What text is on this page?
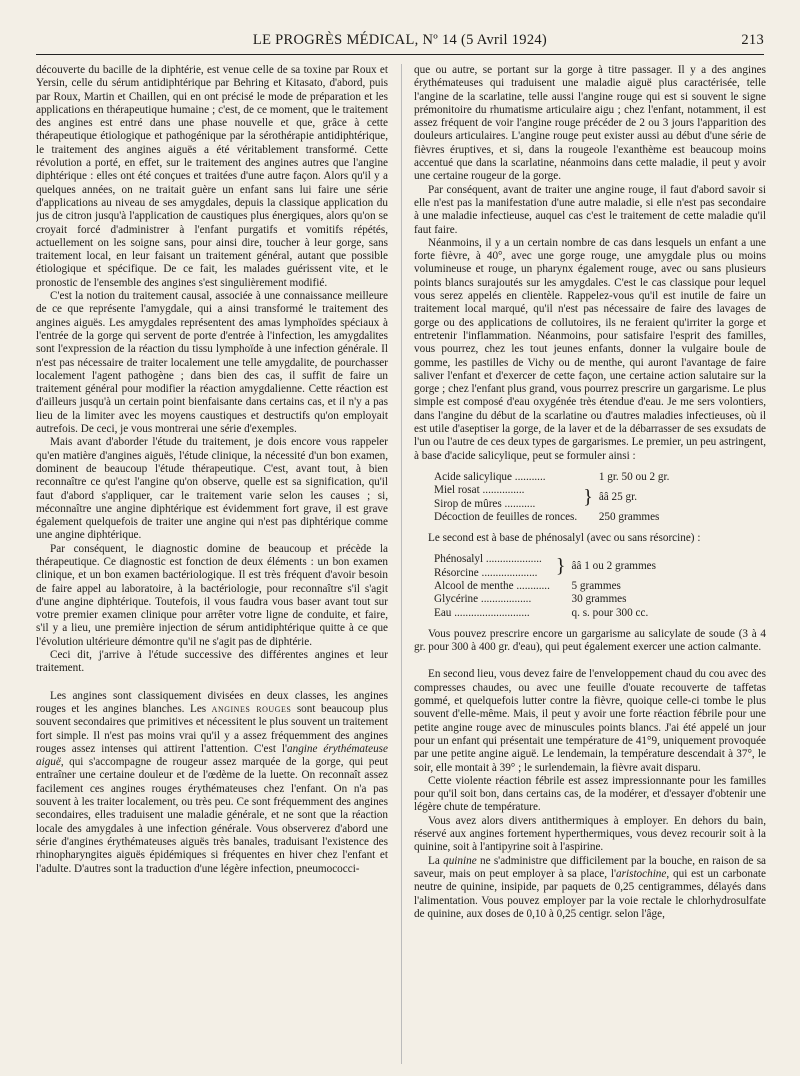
LE PROGRÈS MÉDICAL, Nº 14 (5 Avril 1924)	213

découverte du bacille de la diphtérie, est venue celle de sa toxine par Roux et Yersin, celle du sérum antidiphtérique par Behring et Kitasato, d'abord, puis par Roux, Martin et Chaillen, qui en ont précisé le mode de préparation et les applications en thérapeutique humaine ; c'est, de ce moment, que le traitement des angines est entré dans une phase nouvelle et que, grâce à cette thérapeutique étiologique et pathogénique par la sérothérapie antidiphtérique, le traitement des angines aiguës a été véritablement transformé. Cette révolution a porté, en effet, sur le traitement des angines autres que l'angine diphtérique : elles ont été conçues et traitées d'une autre façon. Alors qu'il y a quelques années, on ne traitait guère un enfant sans lui faire une série d'applications au niveau de ses amygdales, depuis la classique application du jus de citron jusqu'à l'application de caustiques plus énergiques, alors qu'on se croyait forcé d'administrer à l'enfant purgatifs et vomitifs répétés, actuellement on les soigne sans, pour ainsi dire, toucher à leur gorge, sans traitement local, en leur faisant un traitement général, autant que possible étiologique et spécifique. De ce fait, les malades guérissent vite, et le pronostic de l'ensemble des angines s'est singulièrement modifié.

C'est la notion du traitement causal, associée à une connaissance meilleure de ce que représente l'amygdale, qui a ainsi transformé le traitement des angines aiguës. Les amygdales représentent des amas lymphoïdes spéciaux à l'entrée de la gorge qui servent de porte d'entrée à l'infection, les amygdalites sont l'expression de la réaction du tissu lymphoïde à une infection générale. Il n'est pas nécessaire de traiter localement une telle amygdalite, de pourchasser localement l'agent pathogène ; dans bien des cas, il suffit de faire un traitement général pour modifier la réaction amygdalienne. Cette réaction est d'ailleurs jusqu'à un certain point bienfaisante dans certains cas, et il n'y a pas lieu de la limiter avec les moyens caustiques et destructifs qu'on employait autrefois. De ceci, je vous montrerai une série d'exemples.

Mais avant d'aborder l'étude du traitement, je dois encore vous rappeler qu'en matière d'angines aiguës, l'étude clinique, la nécessité d'un bon examen, dominent de beaucoup l'étude thérapeutique. C'est, avant tout, à bien reconnaître ce qu'est l'angine qu'on observe, quelle est sa signification, qu'il faut d'abord s'appliquer, car le traitement varie selon les causes ; si, méconnaître une angine diphtérique est évidemment fort grave, il est grave également quelquefois de traiter une angine qui n'est pas diphtérique comme une angine diphtérique.

Par conséquent, le diagnostic domine de beaucoup et précède la thérapeutique. Ce diagnostic est fonction de deux éléments : un bon examen clinique, et un bon examen bactériologique. Il est très fréquent d'avoir besoin de faire appel au laboratoire, à la bactériologie, pour reconnaître s'il s'agit d'une angine diphtérique. Toutefois, il vous faudra vous baser avant tout sur votre premier examen clinique pour arrêter votre ligne de conduite, et faire, s'il y a lieu, une première injection de sérum antidiphtérique quitte à ce que l'évolution ultérieure démontre qu'il ne s'agit pas de diphtérie.

Ceci dit, j'arrive à l'étude successive des différentes angines et leur traitement.

Les angines sont classiquement divisées en deux classes, les angines rouges et les angines blanches. Les angines rouges sont beaucoup plus souvent secondaires que primitives et nécessitent le plus souvent un traitement fort simple. Il n'est pas moins vrai qu'il y a assez fréquemment des angines rouges assez intenses qui attirent l'attention. C'est l'angine érythémateuse aiguë, qui s'accompagne de rougeur assez marquée de la gorge, qui peut entraîner une certaine douleur et de l'œdème de la luette. On reconnaît assez facilement ces angines rouges érythémateuses chez l'enfant. On n'a pas souvent à les traiter localement, ou très peu. Ce sont fréquemment des angines secondaires, elles traduisent une maladie générale, et ne sont que la réaction locale des amygdales à une infection générale. Vous observerez d'abord une série d'angines érythémateuses aiguës très banales, traduisant l'existence des rhinopharyngites aiguës épidémiques si fréquentes en hiver chez l'enfant et l'adulte. D'autres sont la traduction d'une légère infection, pneumococci-

que ou autre, se portant sur la gorge à titre passager. Il y a des angines érythémateuses qui traduisent une maladie aiguë plus caractérisée, telle l'angine de la scarlatine, telle aussi l'angine rouge qui est si souvent le signe prémonitoire du rhumatisme articulaire aigu ; chez l'enfant, notamment, il est assez fréquent de voir l'angine rouge précéder de 2 ou 3 jours l'apparition des douleurs articulaires. L'angine rouge peut exister aussi au début d'une série de fièvres éruptives, et si, dans la rougeole l'exanthème est beaucoup moins accentué que dans la scarlatine, néanmoins dans cette maladie, il peut y avoir une certaine rougeur de la gorge.

Par conséquent, avant de traiter une angine rouge, il faut d'abord savoir si elle n'est pas la manifestation d'une autre maladie, si elle n'est pas secondaire à une maladie infectieuse, auquel cas c'est le traitement de cette maladie qu'il faut faire.

Néanmoins, il y a un certain nombre de cas dans lesquels un enfant a une forte fièvre, à 40°, avec une gorge rouge, une amygdale plus ou moins volumineuse et rouge, un pharynx également rouge, avec ou sans plusieurs points blancs surajoutés sur les amygdales. C'est le cas classique pour lequel vous serez appelés en clientèle. Rappelez-vous qu'il est inutile de faire un traitement local marqué, qu'il n'est pas nécessaire de faire des lavages de gorge ou des applications de collutoires, ils ne feraient qu'irriter la gorge et entretenir l'inflammation. Néanmoins, pour satisfaire l'esprit des familles, vous pourrez, chez les tout jeunes enfants, donner la vulgaire boule de gomme, les pastilles de Vichy ou de menthe, qui auront l'avantage de faire saliver l'enfant et d'exercer de cette façon, une certaine action salutaire sur la gorge ; chez l'enfant plus grand, vous pourrez prescrire un gargarisme. Le plus simple est composé d'eau oxygénée très étendue d'eau. Je me sers volontiers, dans l'angine du début de la scarlatine ou d'autres maladies infectieuses, où il est utile d'aseptiser la gorge, de la laver et de la débarrasser de ses exsudats de l'un ou l'autre de ces deux types de gargarismes. Le premier, un peu astringent, à base d'acide salicylique, peut se formuler ainsi :

Acide salicylique ...........		1 gr. 50 ou 2 gr.
Miel rosat ...............	}	ââ 25 gr.
Sirop de mûres ...........		
Décoction de feuilles de ronces.		250 grammes

Le second est à base de phénosalyl (avec ou sans résorcine) :

Phénosalyl ....................	}	ââ 1 ou 2 grammes
Résorcine ....................		
Alcool de menthe ............		5 grammes
Glycérine ..................		30 grammes
Eau ...........................		q. s. pour 300 cc.

Vous pouvez prescrire encore un gargarisme au salicylate de soude (3 à 4 gr. pour 300 à 400 gr. d'eau), qui peut également exercer une action calmante.

En second lieu, vous devez faire de l'enveloppement chaud du cou avec des compresses chaudes, ou avec une feuille d'ouate recouverte de taffetas gommé, et quelquefois lutter contre la fièvre, quoique celle-ci tombe le plus souvent d'elle-même. Mais, il peut y avoir une forte réaction fébrile pour une petite angine rouge avec de minuscules points blancs. J'ai été appelé un jour pour un enfant qui présentait une température de 41°9, uniquement provoquée par une petite angine aiguë. Le lendemain, la température descendait à 37°, le soir, elle montait à 39° ; le surlendemain, la fièvre avait disparu.

Cette violente réaction fébrile est assez impressionnante pour les familles pour qu'il soit bon, dans certains cas, de la modérer, et d'essayer d'obtenir une légère chute de température.

Vous avez alors divers antithermiques à employer. En dehors du bain, réservé aux angines fortement hyperthermiques, vous devez recourir soit à la quinine, soit à l'antipyrine soit à l'aspirine.

La quinine ne s'administre que difficilement par la bouche, en raison de sa saveur, mais on peut employer à sa place, l'aristochine, qui est un carbonate neutre de quinine, insipide, par paquets de 0,25 centigrammes, délayés dans l'alimentation. Vous pouvez employer par la voie rectale le chlorhydrosulfate de quinine, aux doses de 0,10 à 0,25 centigr. selon l'âge,
